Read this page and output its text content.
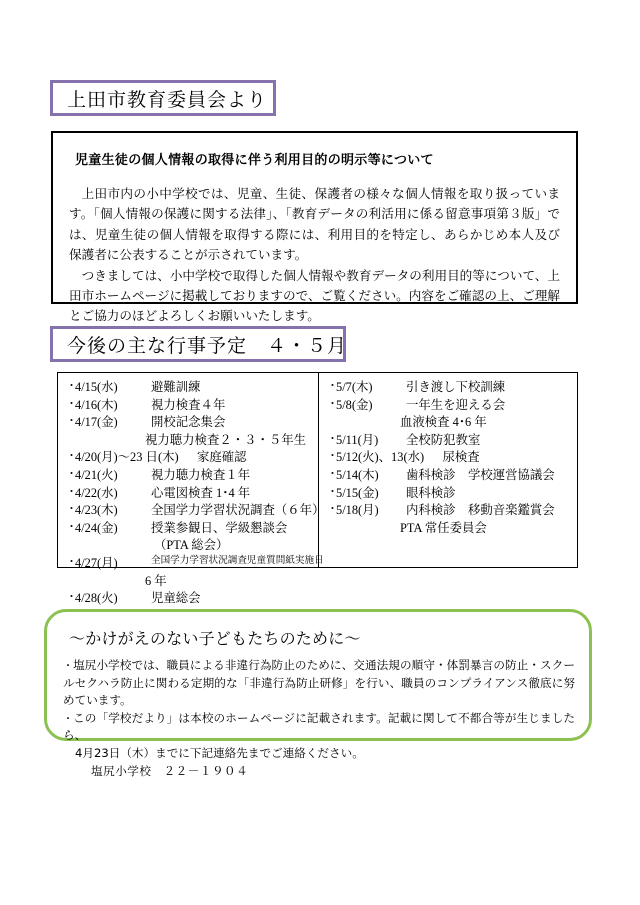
上田市教育委員会より
児童生徒の個人情報の取得に伴う利用目的の明示等について

上田市内の小中学校では、児童、生徒、保護者の様々な個人情報を取り扱っています。「個人情報の保護に関する法律」、「教育データの利活用に係る留意事項第３版」では、児童生徒の個人情報を取得する際には、利用目的を特定し、あらかじめ本人及び保護者に公表することが示されています。

つきましては、小中学校で取得した個人情報や教育データの利用目的等について、上田市ホームページに掲載しておりますので、ご覧ください。内容をご確認の上、ご理解とご協力のほどよろしくお願いいたします。

今後の主な行事予定　４・５月
・
4/15(水)	避難訓練
・
4/16(木)	視力検査４年
・
4/17(金)	開校記念集会
視力聴力検査２・３・５年生
・
4/20(月)〜23 日(木) 　家庭確認
・
4/21(火)	視力聴力検査１年
・
4/22(水)	心電図検査 1･4 年
・
4/23(木)	全国学力学習状況調査（６年）
・
4/24(金)	授業参観日、学級懇談会
（PTA 総会）
・
4/27(月)	全国学力学習状況調査児童質問紙実施日
6 年
・
4/28(火)	児童総会
・
5/7(木)	引き渡し下校訓練
・
5/8(金)	一年生を迎える会
血液検査 4･6 年
・
5/11(月)	全校防犯教室
・
5/12(火)、13(水) 　尿検査
・
5/14(木)	歯科検診　学校運営協議会
・
5/15(金)	眼科検診
・
5/18(月)	内科検診　移動音楽鑑賞会
PTA 常任委員会
〜かけがえのない子どもたちのために〜

・塩尻小学校では、職員による非違行為防止のために、交通法規の順守・体罰暴言の防止・スクールセクハラ防止に関わる定期的な「非違行為防止研修」を行い、職員のコンプライアンス徹底に努めています。

・この「学校だより」は本校のホームページに記載されます。記載に関して不都合等が生じましたら、

4月23日（木）までに下記連絡先までご連絡ください。

塩尻小学校　２２－１９０４
